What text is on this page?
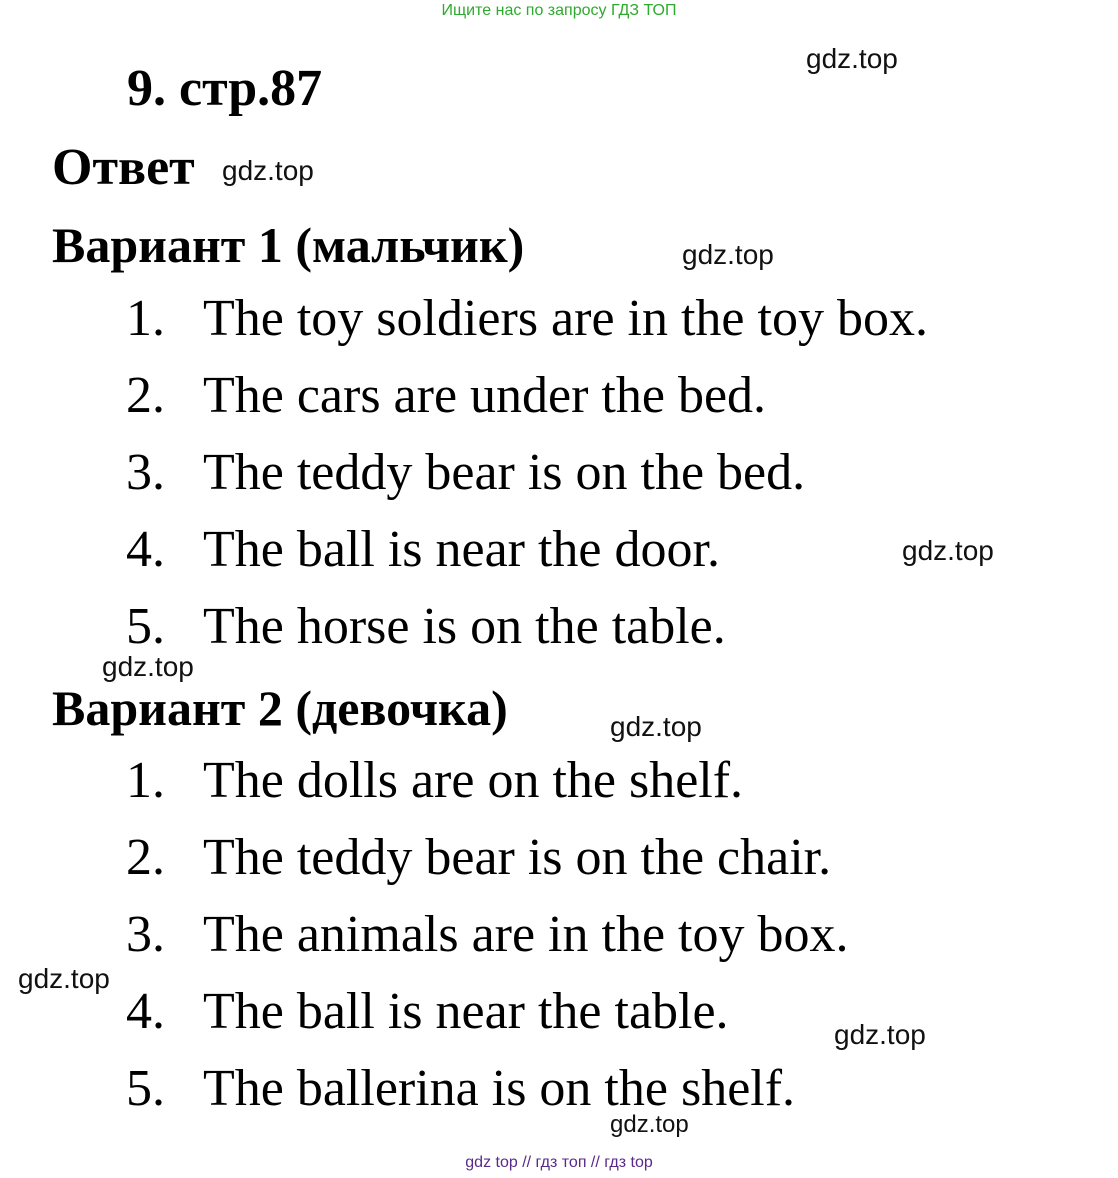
Ищите нас по запросу ГДЗ ТОП
9. стр.87
Ответ
Вариант 1 (мальчик)
1. The toy soldiers are in the toy box.
2. The cars are under the bed.
3. The teddy bear is on the bed.
4. The ball is near the door.
5. The horse is on the table.
Вариант 2 (девочка)
1. The dolls are on the shelf.
2. The teddy bear is on the chair.
3. The animals are in the toy box.
4. The ball is near the table.
5. The ballerina is on the shelf.
gdz.top
gdz.top
gdz.top
gdz.top
gdz.top
gdz.top
gdz.top
gdz.top
gdz.top
gdz top // гдз топ // гдз top
